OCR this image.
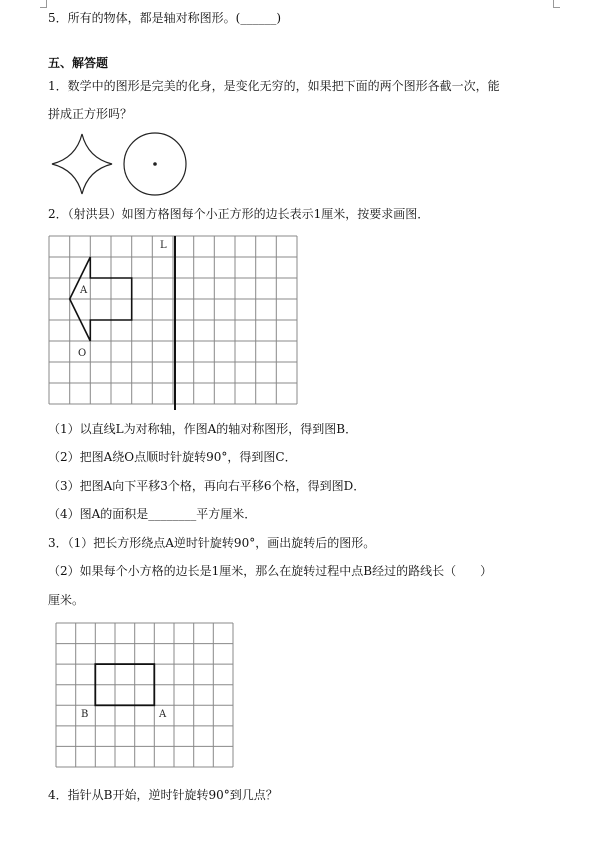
5．所有的物体，都是轴对称图形。(______)
五、解答题
1．数学中的图形是完美的化身，是变化无穷的，如果把下面的两个图形各截一次，能
拼成正方形吗？
2．（射洪县）如图方格图每个小正方形的边长表示1厘米，按要求画图．
L
A
O
（1）以直线L为对称轴，作图A的轴对称图形，得到图B．
（2）把图A绕O点顺时针旋转90°，得到图C．
（3）把图A向下平移3个格，再向右平移6个格，得到图D．
（4）图A的面积是________平方厘米．
3．（1）把长方形绕点A逆时针旋转90°，画出旋转后的图形。
（2）如果每个小方格的边长是1厘米，那么在旋转过程中点B经过的路线长（　　）
厘米。
B	A
4．指针从B开始，逆时针旋转90°到几点？
